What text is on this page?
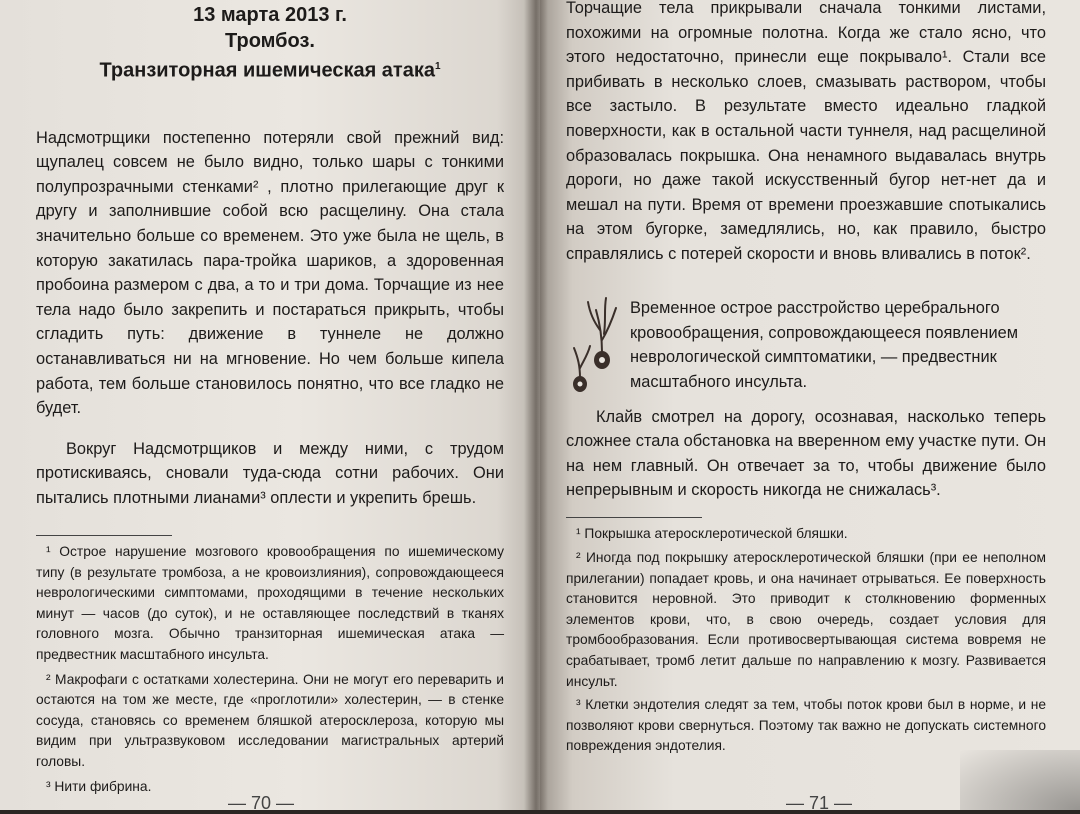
13 марта 2013 г.

Тромбоз.

Транзиторная ишемическая атака$^1$

Надсмотрщики постепенно потеряли свой прежний вид: щупалец совсем не было видно, только шары с тонкими полупрозрачными стенками² , плотно прилегающие друг к другу и заполнившие собой всю расщелину. Она стала значительно больше со временем. Это уже была не щель, в которую закатилась пара-тройка шариков, а здоровенная пробоина размером с два, а то и три дома. Торчащие из нее тела надо было закрепить и постараться прикрыть, чтобы сгладить путь: движение в туннеле не должно останавливаться ни на мгновение. Но чем больше кипела работа, тем больше становилось понятно, что все гладко не будет.

Вокруг Надсмотрщиков и между ними, с трудом протискиваясь, сновали туда-сюда сотни рабочих. Они пытались плотными лианами³ оплести и укрепить брешь.

¹ Острое нарушение мозгового кровообращения по ишемическому типу (в результате тромбоза, а не кровоизлияния), сопровождающееся неврологическими симптомами, проходящими в течение нескольких минут — часов (до суток), и не оставляющее последствий в тканях головного мозга. Обычно транзиторная ишемическая атака — предвестник масштабного инсульта.

² Макрофаги с остатками холестерина. Они не могут его переварить и остаются на том же месте, где «проглотили» холестерин, — в стенке сосуда, становясь со временем бляшкой атеросклероза, которую мы видим при ультразвуковом исследовании магистральных артерий головы.

³ Нити фибрина.

— 70 —

Торчащие тела прикрывали сначала тонкими листами, похожими на огромные полотна. Когда же стало ясно, что этого недостаточно, принесли еще покрывало¹. Стали все прибивать в несколько слоев, смазывать раствором, чтобы все застыло. В результате вместо идеально гладкой поверхности, как в остальной части туннеля, над расщелиной образовалась покрышка. Она ненамного выдавалась внутрь дороги, но даже такой искусственный бугор нет-нет да и мешал на пути. Время от времени проезжавшие спотыкались на этом бугорке, замедлялись, но, как правило, быстро справлялись с потерей скорости и вновь вливались в поток².

Клайв смотрел на дорогу, осознавая, насколько теперь сложнее стала обстановка на вверенном ему участке пути. Он на нем главный. Он отвечает за то, чтобы движение было непрерывным и скорость никогда не снижалась³.

¹ Покрышка атеросклеротической бляшки.

² Иногда под покрышку атеросклеротической бляшки (при ее неполном прилегании) попадает кровь, и она начинает отрываться. Ее поверхность становится неровной. Это приводит к столкновению форменных элементов крови, что, в свою очередь, создает условия для тромбообразования. Если противосвертывающая система вовремя не срабатывает, тромб летит дальше по направлению к мозгу. Развивается инсульт.

³ Клетки эндотелия следят за тем, чтобы поток крови был в норме, и не позволяют крови свернуться. Поэтому так важно не допускать системного повреждения эндотелия.

Временное острое расстройство церебрального кровообращения, сопровождающееся появлением неврологической симптоматики, — предвестник масштабного инсульта.

— 71 —
